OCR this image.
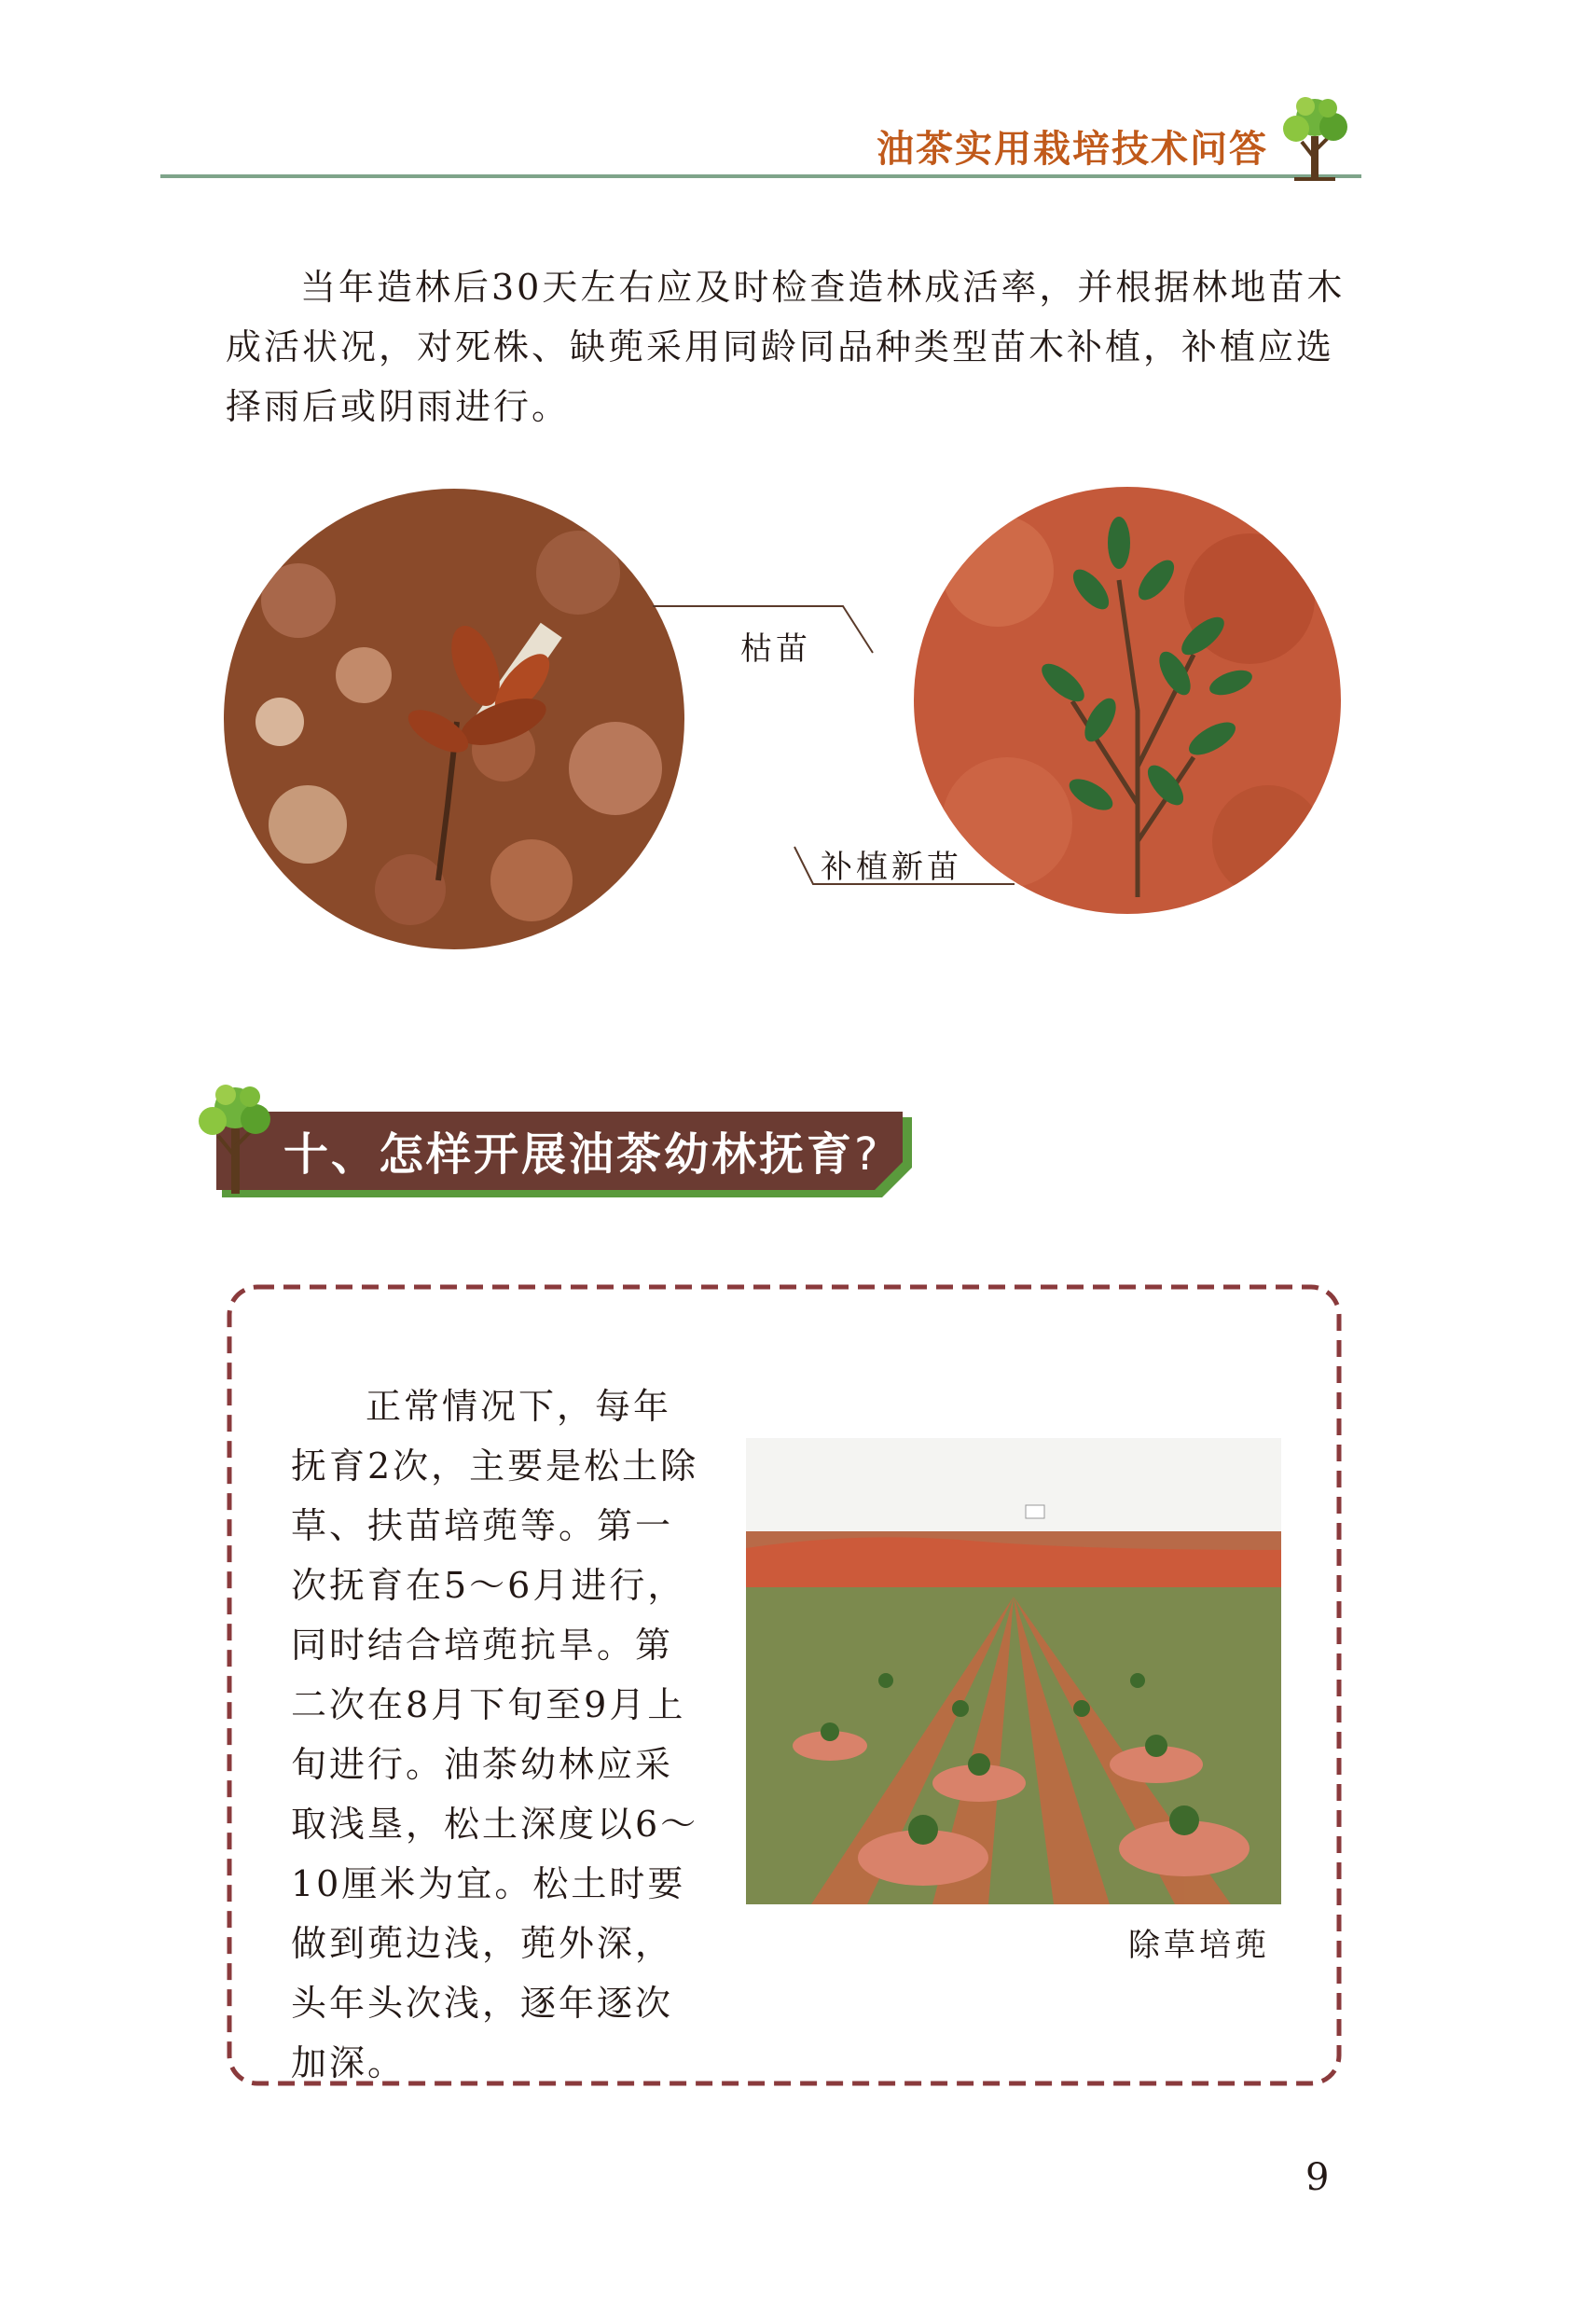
油茶实用栽培技术问答
当年造林后30天左右应及时检查造林成活率，并根据林地苗木成活状况，对死株、缺蔸采用同龄同品种类型苗木补植，补植应选择雨后或阴雨进行。
枯苗
补植新苗
十、怎样开展油茶幼林抚育?
正常情况下，每年抚育2次，主要是松土除草、扶苗培蔸等。第一次抚育在5～6月进行，同时结合培蔸抗旱。第二次在8月下旬至9月上旬进行。油茶幼林应采取浅垦，松土深度以6～10厘米为宜。松土时要做到蔸边浅，蔸外深，头年头次浅，逐年逐次加深。
除草培蔸
9
